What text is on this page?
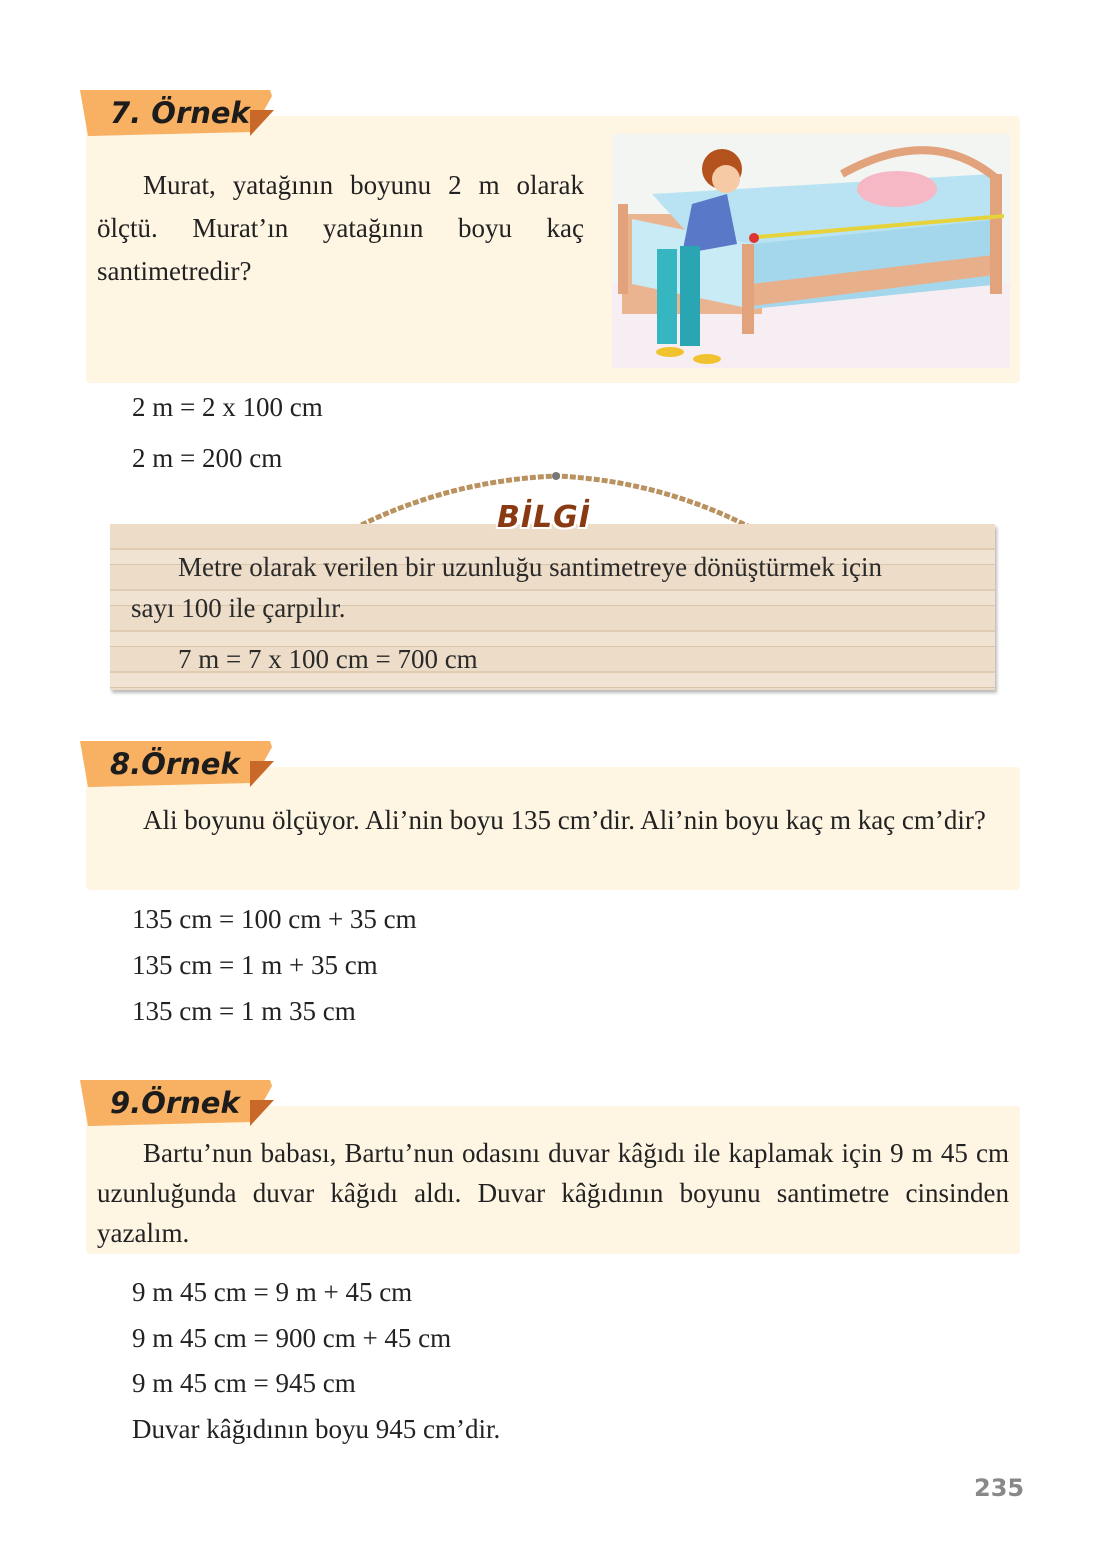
7. Örnek
Murat, yatağının boyunu 2 m olarak ölçtü. Murat’ın yatağının boyu kaç santimetredir?
2 m = 2 x 100 cm
2 m = 200 cm
BİLGİ
Metre olarak verilen bir uzunluğu santimetreye dönüştürmek için
sayı 100 ile çarpılır.
7 m = 7 x 100 cm = 700 cm
8.Örnek
Ali boyunu ölçüyor. Ali’nin boyu 135 cm’dir. Ali’nin boyu kaç m kaç cm’dir?
135 cm = 100 cm + 35 cm
135 cm = 1 m + 35 cm
135 cm = 1 m 35 cm
9.Örnek
Bartu’nun babası, Bartu’nun odasını duvar kâğıdı ile kaplamak için 9 m 45 cm uzunluğunda duvar kâğıdı aldı. Duvar kâğıdının boyunu santimetre cinsinden yazalım.
9 m 45 cm = 9 m + 45 cm
9 m 45 cm = 900 cm + 45 cm
9 m 45 cm = 945 cm
Duvar kâğıdının boyu 945 cm’dir.
235
